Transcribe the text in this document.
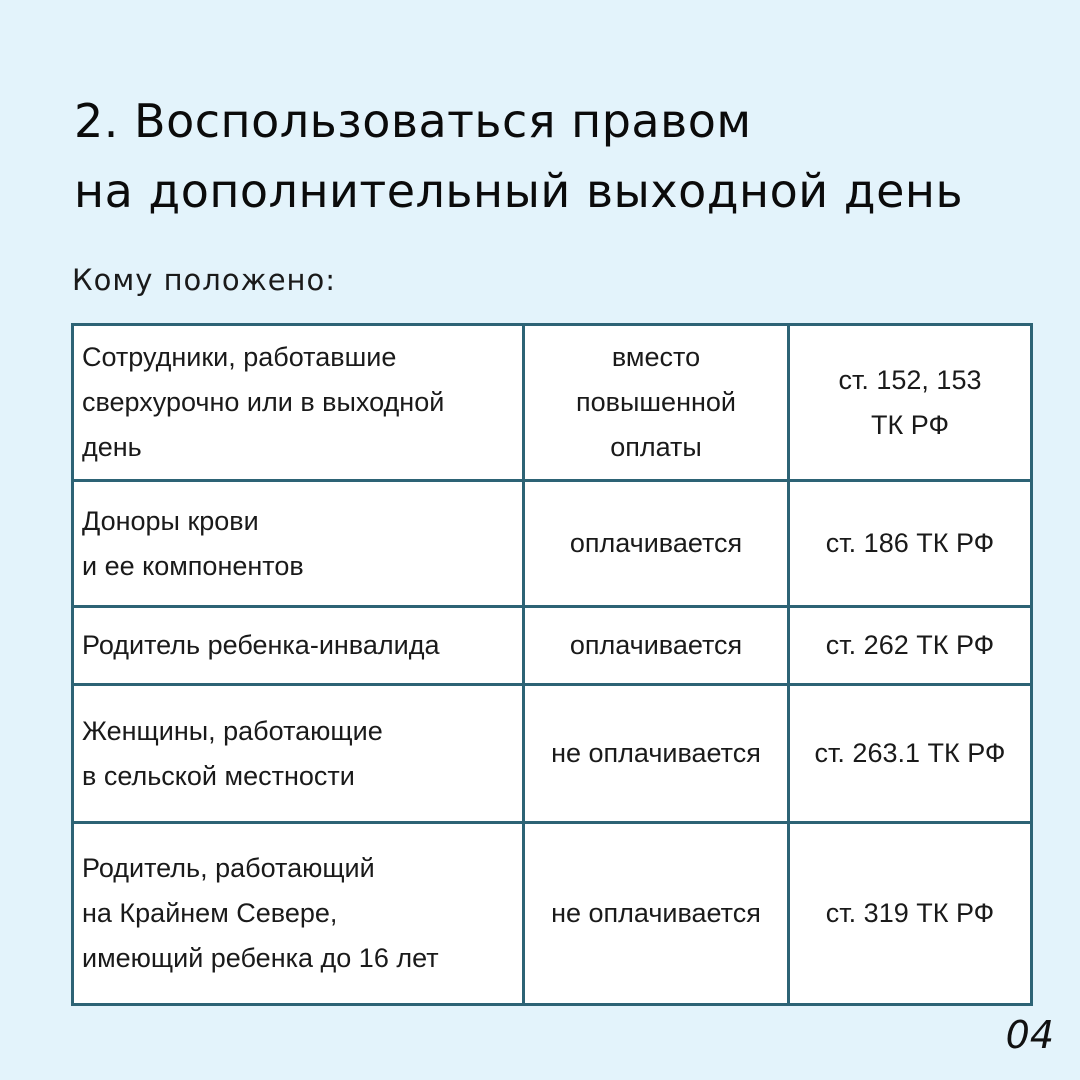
2. Воспользоваться правом
на дополнительный выходной день

Кому положено:

Сотрудники, работавшие
сверхурочно или в выходной
день	вместо
повышенной
оплаты	ст. 152, 153
ТК РФ

Доноры крови
и ее компонентов	оплачивается	ст. 186 ТК РФ

Родитель ребенка-инвалида	оплачивается	ст. 262 ТК РФ

Женщины, работающие
в сельской местности	не оплачивается	ст. 263.1 ТК РФ

Родитель, работающий
на Крайнем Севере,
имеющий ребенка до 16 лет	не оплачивается	ст. 319 ТК РФ
04
